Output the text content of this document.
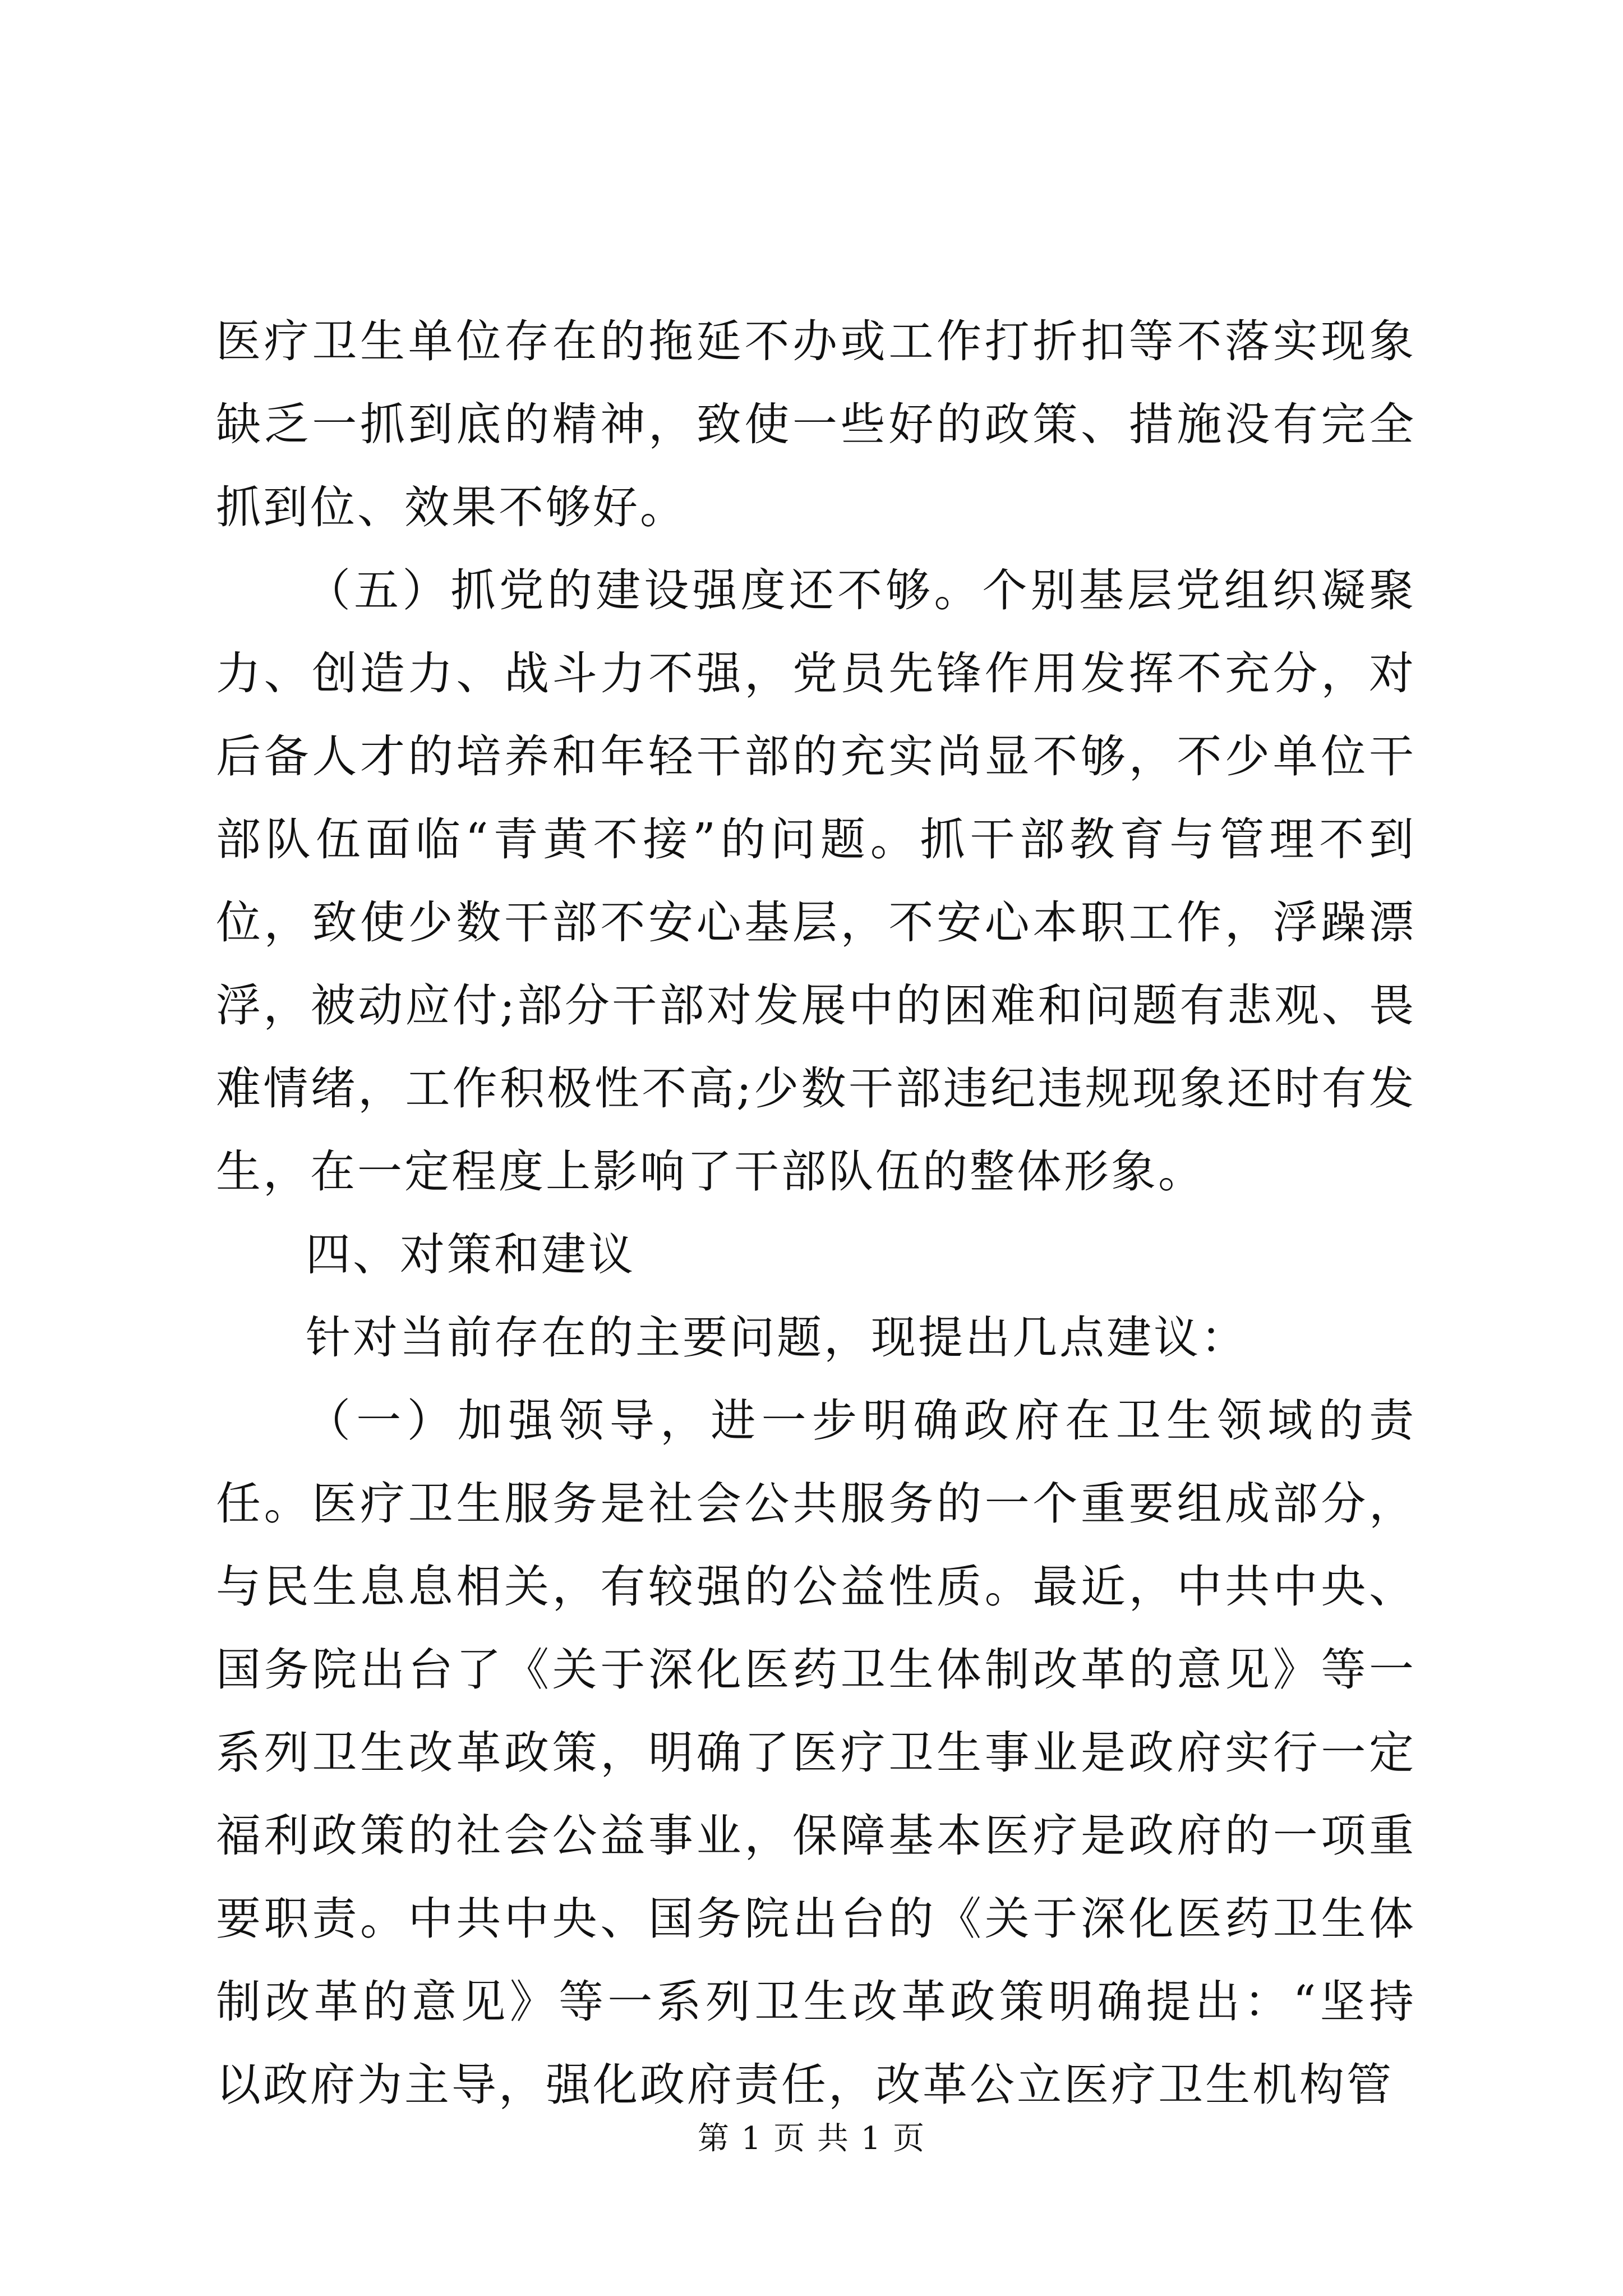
医疗卫生单位存在的拖延不办或工作打折扣等不落实现象缺乏一抓到底的精神，致使一些好的政策、措施没有完全抓到位、效果不够好。

（五）抓党的建设强度还不够。个别基层党组织凝聚力、创造力、战斗力不强，党员先锋作用发挥不充分，对后备人才的培养和年轻干部的充实尚显不够，不少单位干部队伍面临“青黄不接”的问题。抓干部教育与管理不到位，致使少数干部不安心基层，不安心本职工作，浮躁漂浮，被动应付;部分干部对发展中的困难和问题有悲观、畏难情绪，工作积极性不高;少数干部违纪违规现象还时有发生，在一定程度上影响了干部队伍的整体形象。

四、对策和建议

针对当前存在的主要问题，现提出几点建议：

（一）加强领导，进一步明确政府在卫生领域的责任。医疗卫生服务是社会公共服务的一个重要组成部分，与民生息息相关，有较强的公益性质。最近，中共中央、国务院出台了《关于深化医药卫生体制改革的意见》等一系列卫生改革政策，明确了医疗卫生事业是政府实行一定福利政策的社会公益事业，保障基本医疗是政府的一项重要职责。中共中央、国务院出台的《关于深化医药卫生体制改革的意见》等一系列卫生改革政策明确提出：“坚持以政府为主导，强化政府责任，改革公立医疗卫生机构管

第 1 页 共 1 页
